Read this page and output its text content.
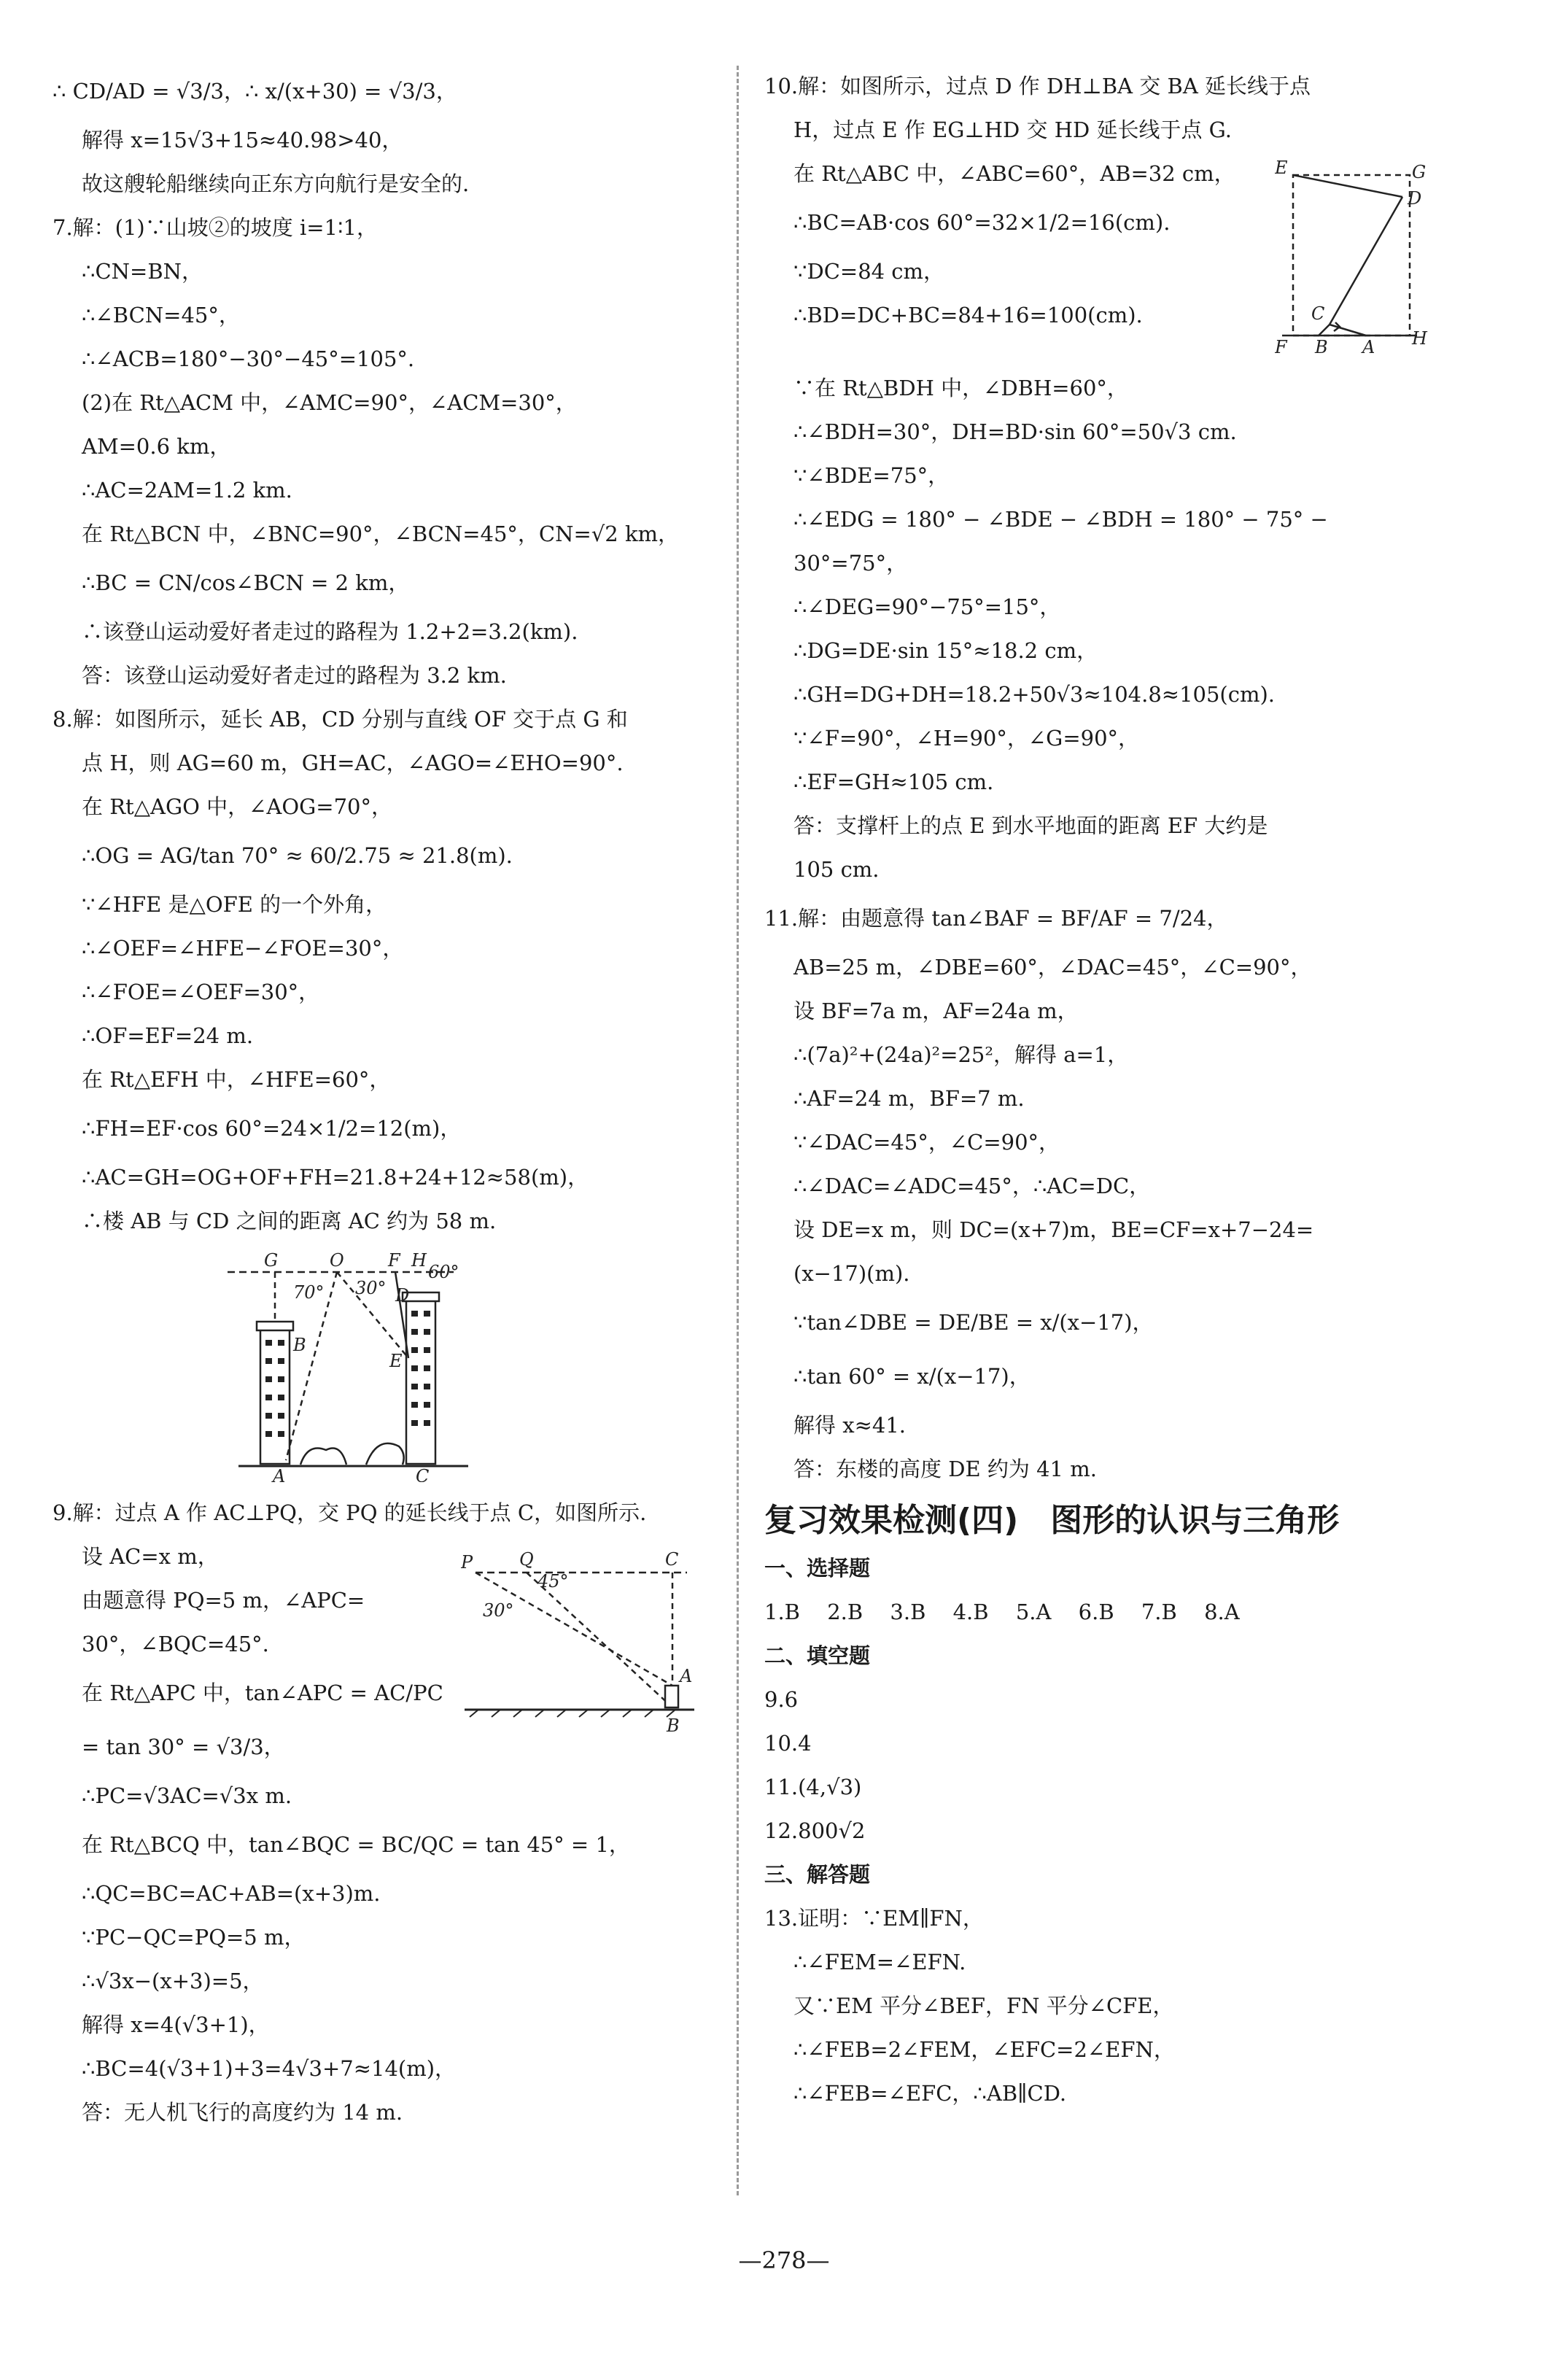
∴ CD/AD = √3/3，∴ x/(x+30) = √3/3，
解得 x=15√3+15≈40.98>40，
故这艘轮船继续向正东方向航行是安全的.
7.解：(1)∵山坡②的坡度 i=1∶1，
∴CN=BN，
∴∠BCN=45°，
∴∠ACB=180°−30°−45°=105°.
(2)在 Rt△ACM 中，∠AMC=90°，∠ACM=30°，
AM=0.6 km，
∴AC=2AM=1.2 km.
在 Rt△BCN 中，∠BNC=90°，∠BCN=45°，CN=√2 km，
∴BC = CN/cos∠BCN = 2 km，
∴该登山运动爱好者走过的路程为 1.2+2=3.2(km).
答：该登山运动爱好者走过的路程为 3.2 km.
8.解：如图所示，延长 AB，CD 分别与直线 OF 交于点 G 和
点 H，则 AG=60 m，GH=AC，∠AGO=∠EHO=90°.
在 Rt△AGO 中，∠AOG=70°，
∴OG = AG/tan 70° ≈ 60/2.75 ≈ 21.8(m).
∵∠HFE 是△OFE 的一个外角，
∴∠OEF=∠HFE−∠FOE=30°，
∴∠FOE=∠OEF=30°，
∴OF=EF=24 m.
在 Rt△EFH 中，∠HFE=60°，
∴FH=EF·cos 60°=24×1/2=12(m)，
∴AC=GH=OG+OF+FH=21.8+24+12≈58(m)，
∴楼 AB 与 CD 之间的距离 AC 约为 58 m.
G	O	F H
60°
70° 30° D
B
E
A	C
9.解：过点 A 作 AC⊥PQ，交 PQ 的延长线于点 C，如图所示.
设 AC=x m，
由题意得 PQ=5 m，∠APC=
30°，∠BQC=45°.
在 Rt△APC 中，tan∠APC = AC/PC
= tan 30° = √3/3，
P	Q	C
45°
30°
A
B
∴PC=√3AC=√3x m.
在 Rt△BCQ 中，tan∠BQC = BC/QC = tan 45° = 1，
∴QC=BC=AC+AB=(x+3)m.
∵PC−QC=PQ=5 m，
∴√3x−(x+3)=5，
解得 x=4(√3+1)，
∴BC=4(√3+1)+3=4√3+7≈14(m)，
答：无人机飞行的高度约为 14 m.
10.解：如图所示，过点 D 作 DH⊥BA 交 BA 延长线于点
H，过点 E 作 EG⊥HD 交 HD 延长线于点 G.
在 Rt△ABC 中，∠ABC=60°，AB=32 cm，
∴BC=AB·cos 60°=32×1/2=16(cm).
∵DC=84 cm，
∴BD=DC+BC=84+16=100(cm).
E	G
D
C
F B A H
∵在 Rt△BDH 中，∠DBH=60°，
∴∠BDH=30°，DH=BD·sin 60°=50√3 cm.
∵∠BDE=75°，
∴∠EDG = 180° − ∠BDE − ∠BDH = 180° − 75° −
30°=75°，
∴∠DEG=90°−75°=15°，
∴DG=DE·sin 15°≈18.2 cm，
∴GH=DG+DH=18.2+50√3≈104.8≈105(cm).
∵∠F=90°，∠H=90°，∠G=90°，
∴EF=GH≈105 cm.
答：支撑杆上的点 E 到水平地面的距离 EF 大约是
105 cm.
11.解：由题意得 tan∠BAF = BF/AF = 7/24，
AB=25 m，∠DBE=60°，∠DAC=45°，∠C=90°，
设 BF=7a m，AF=24a m，
∴(7a)²+(24a)²=25²，解得 a=1，
∴AF=24 m，BF=7 m.
∵∠DAC=45°，∠C=90°，
∴∠DAC=∠ADC=45°，∴AC=DC，
设 DE=x m，则 DC=(x+7)m，BE=CF=x+7−24=
(x−17)(m).
∵tan∠DBE = DE/BE = x/(x−17)，
∴tan 60° = x/(x−17)，
解得 x≈41.
答：东楼的高度 DE 约为 41 m.
复习效果检测(四)　图形的认识与三角形
一、选择题
1.B 2.B 3.B 4.B 5.A 6.B 7.B 8.A
二、填空题
9.6
10.4
11.(4,√3)
12.800√2
三、解答题
13.证明：∵EM∥FN，
∴∠FEM=∠EFN.
又∵EM 平分∠BEF，FN 平分∠CFE，
∴∠FEB=2∠FEM，∠EFC=2∠EFN，
∴∠FEB=∠EFC，∴AB∥CD.
—278—
